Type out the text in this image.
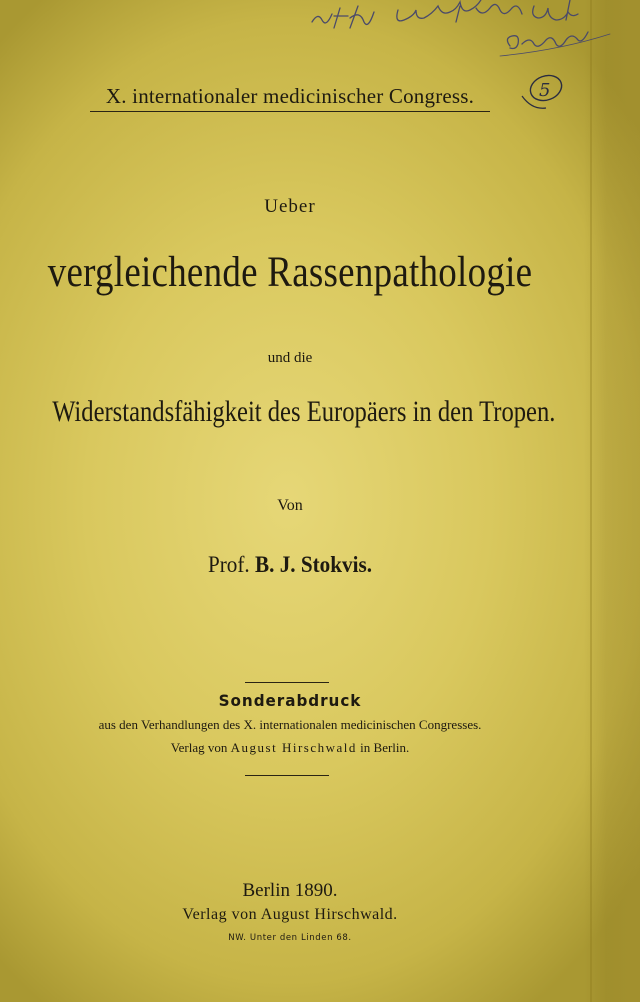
X. internationaler medicinischer Congress.	5
Ueber
vergleichende Rassenpathologie
und die
Widerstandsfähigkeit des Europäers in den Tropen.
Von
Prof. B. J. Stokvis.
Sonderabdruck
aus den Verhandlungen des X. internationalen medicinischen Congresses.
Verlag von August Hirschwald in Berlin.
Berlin 1890.
Verlag von August Hirschwald.
NW. Unter den Linden 68.
